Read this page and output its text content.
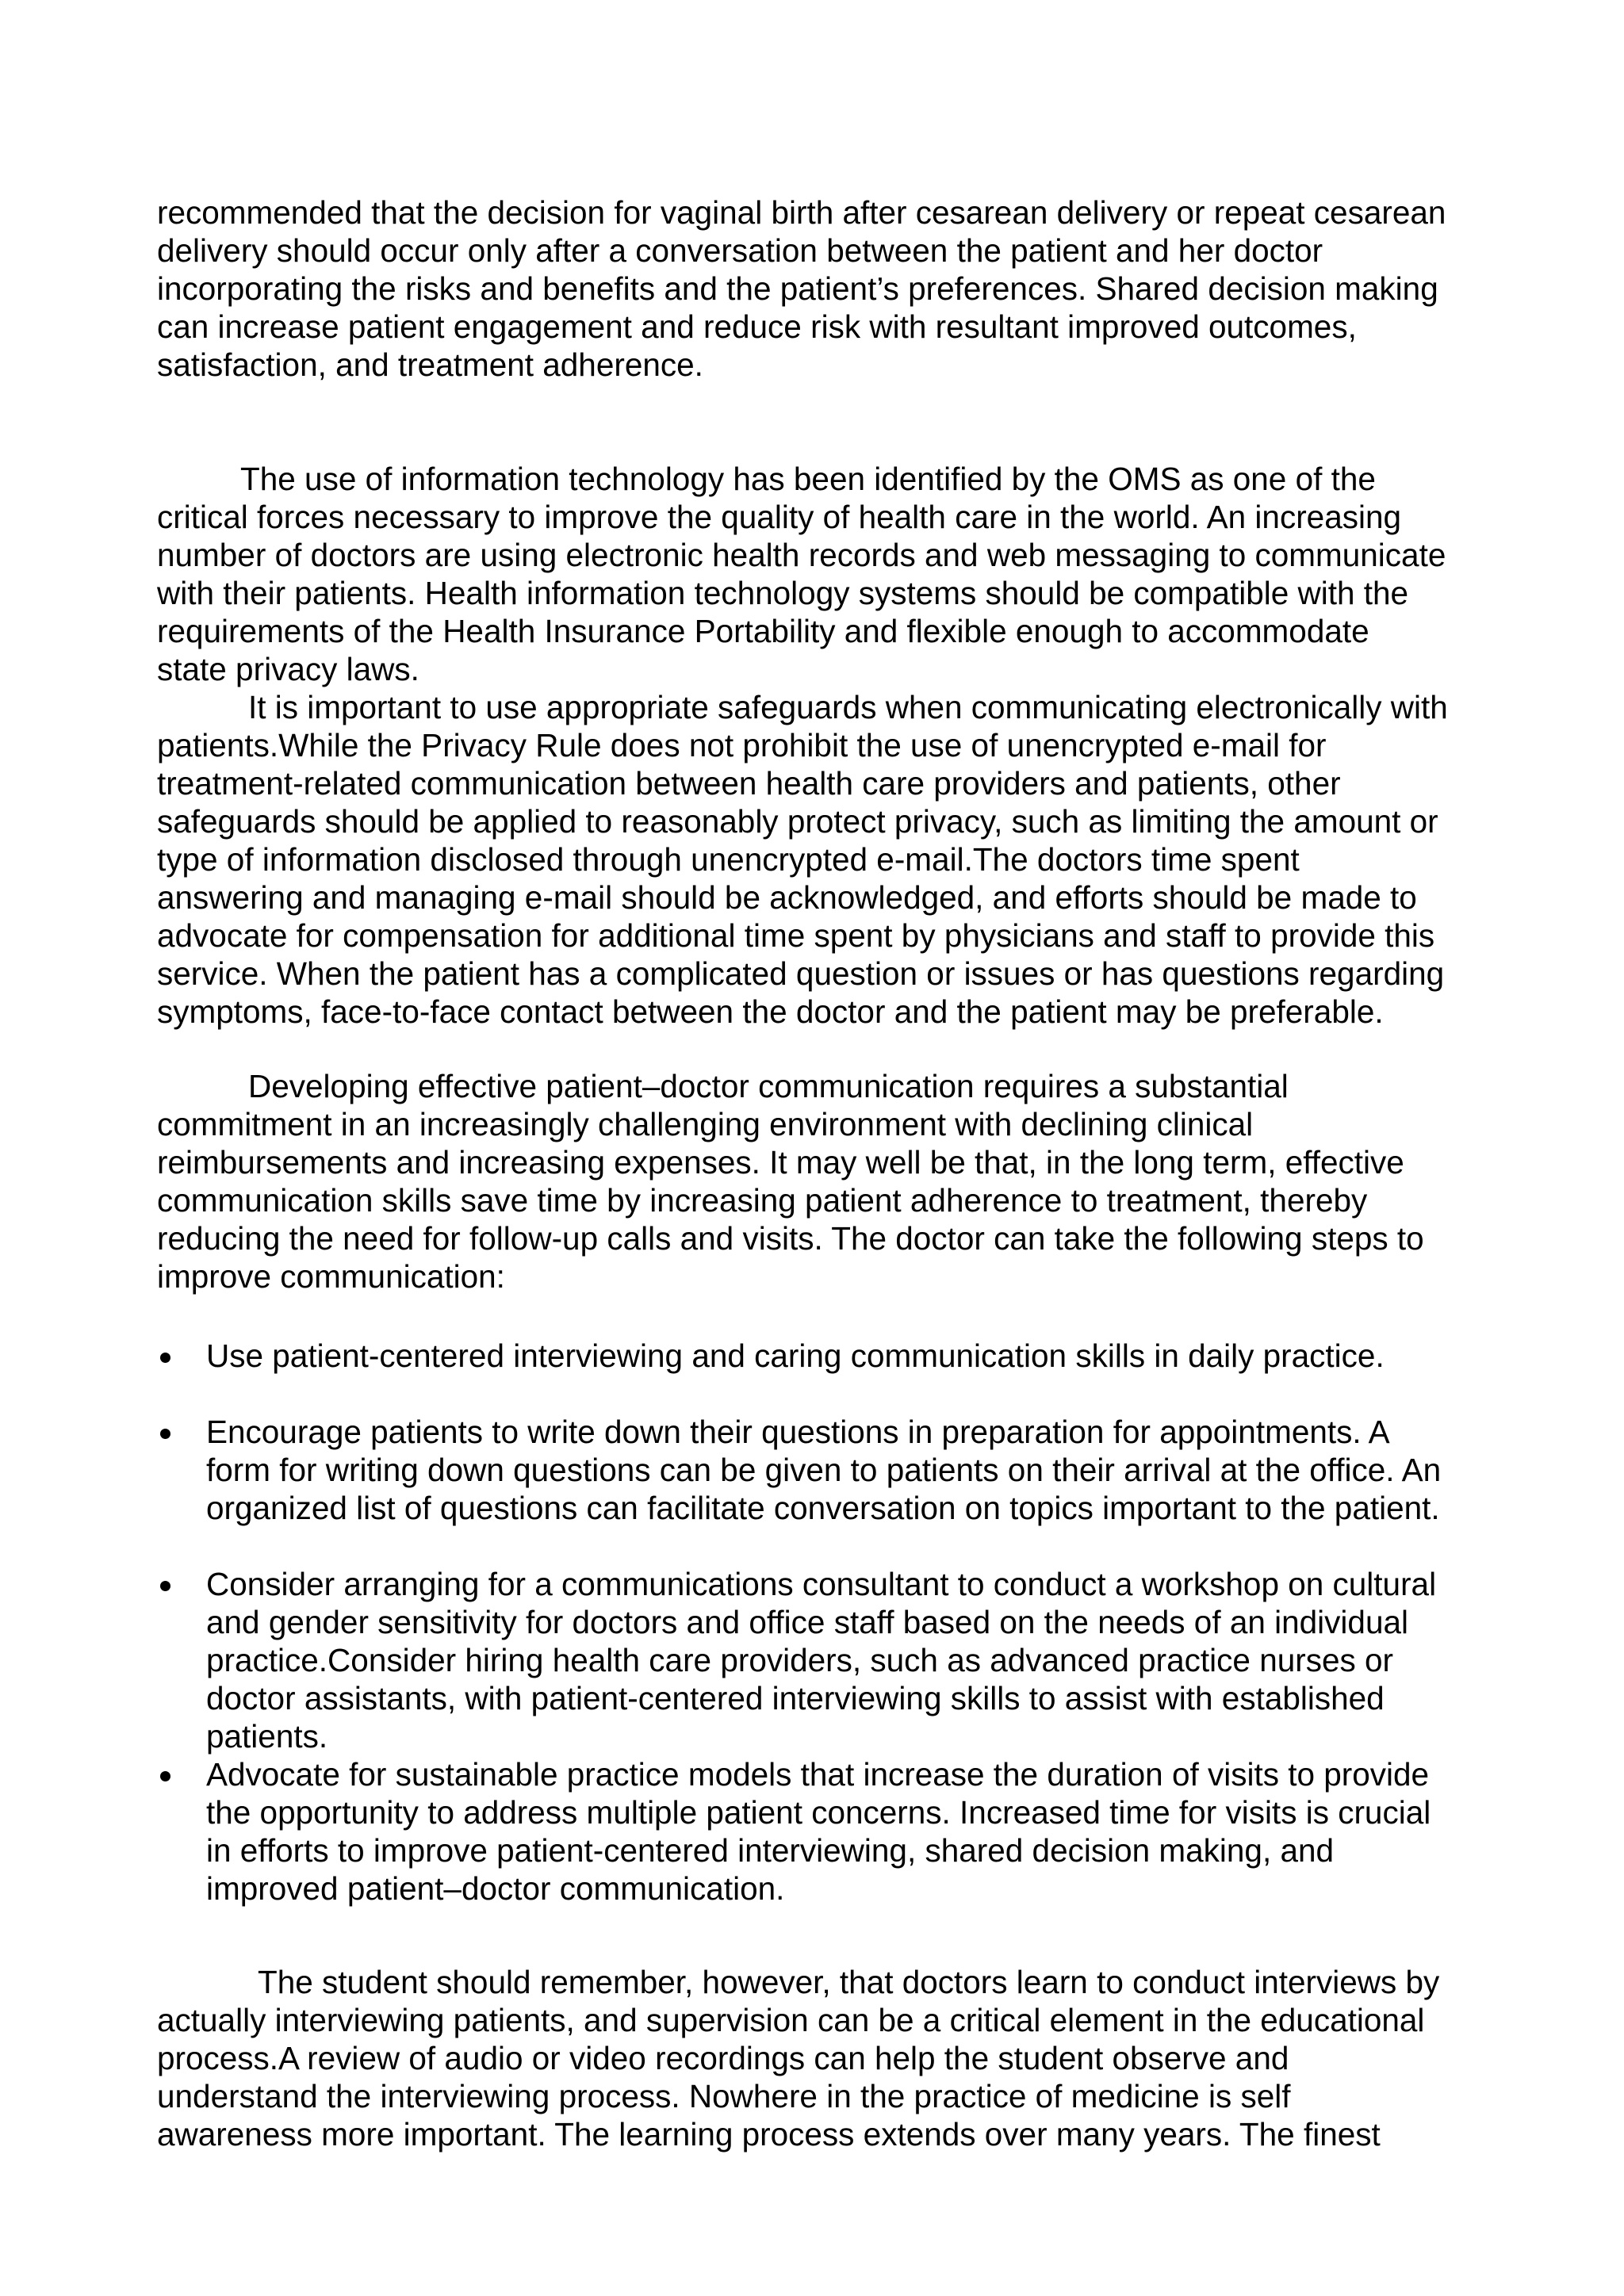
recommended that the decision for vaginal birth after cesarean delivery or repeat cesarean

delivery should occur only after a conversation between the patient and her doctor

incorporating the risks and benefits and the patient’s preferences. Shared decision making

can increase patient engagement and reduce risk with resultant improved outcomes,

satisfaction, and treatment adherence.

The use of information technology has been identified by the OMS as one of the

critical forces necessary to improve the quality of health care in the world. An increasing

number of doctors are using electronic health records and web messaging to communicate

with their patients. Health information technology systems should be compatible with the

requirements of the Health Insurance Portability and flexible enough to accommodate

state privacy laws.

It is important to use appropriate safeguards when communicating electronically with

patients.While the Privacy Rule does not prohibit the use of unencrypted e-mail for

treatment-related communication between health care providers and patients, other

safeguards should be applied to reasonably protect privacy, such as limiting the amount or

type of information disclosed through unencrypted e-mail.The doctors time spent

answering and managing e-mail should be acknowledged, and efforts should be made to

advocate for compensation for additional time spent by physicians and staff to provide this

service. When the patient has a complicated question or issues or has questions regarding

symptoms, face-to-face contact between the doctor and the patient may be preferable.

Developing effective patient–doctor communication requires a substantial

commitment in an increasingly challenging environment with declining clinical

reimbursements and increasing expenses. It may well be that, in the long term, effective

communication skills save time by increasing patient adherence to treatment, thereby

reducing the need for follow-up calls and visits. The doctor can take the following steps to

improve communication:

Use patient-centered interviewing and caring communication skills in daily practice.

Encourage patients to write down their questions in preparation for appointments. A

form for writing down questions can be given to patients on their arrival at the office. An

organized list of questions can facilitate conversation on topics important to the patient.

Consider arranging for a communications consultant to conduct a workshop on cultural

and gender sensitivity for doctors and office staff based on the needs of an individual

practice.Consider hiring health care providers, such as advanced practice nurses or

doctor assistants, with patient-centered interviewing skills to assist with established

patients.

Advocate for sustainable practice models that increase the duration of visits to provide

the opportunity to address multiple patient concerns. Increased time for visits is crucial

in efforts to improve patient-centered interviewing, shared decision making, and

improved patient–doctor communication.

The student should remember, however, that doctors learn to conduct interviews by

actually interviewing patients, and supervision can be a critical element in the educational

process.A review of audio or video recordings can help the student observe and

understand the interviewing process. Nowhere in the practice of medicine is self

awareness more important. The learning process extends over many years. The finest
